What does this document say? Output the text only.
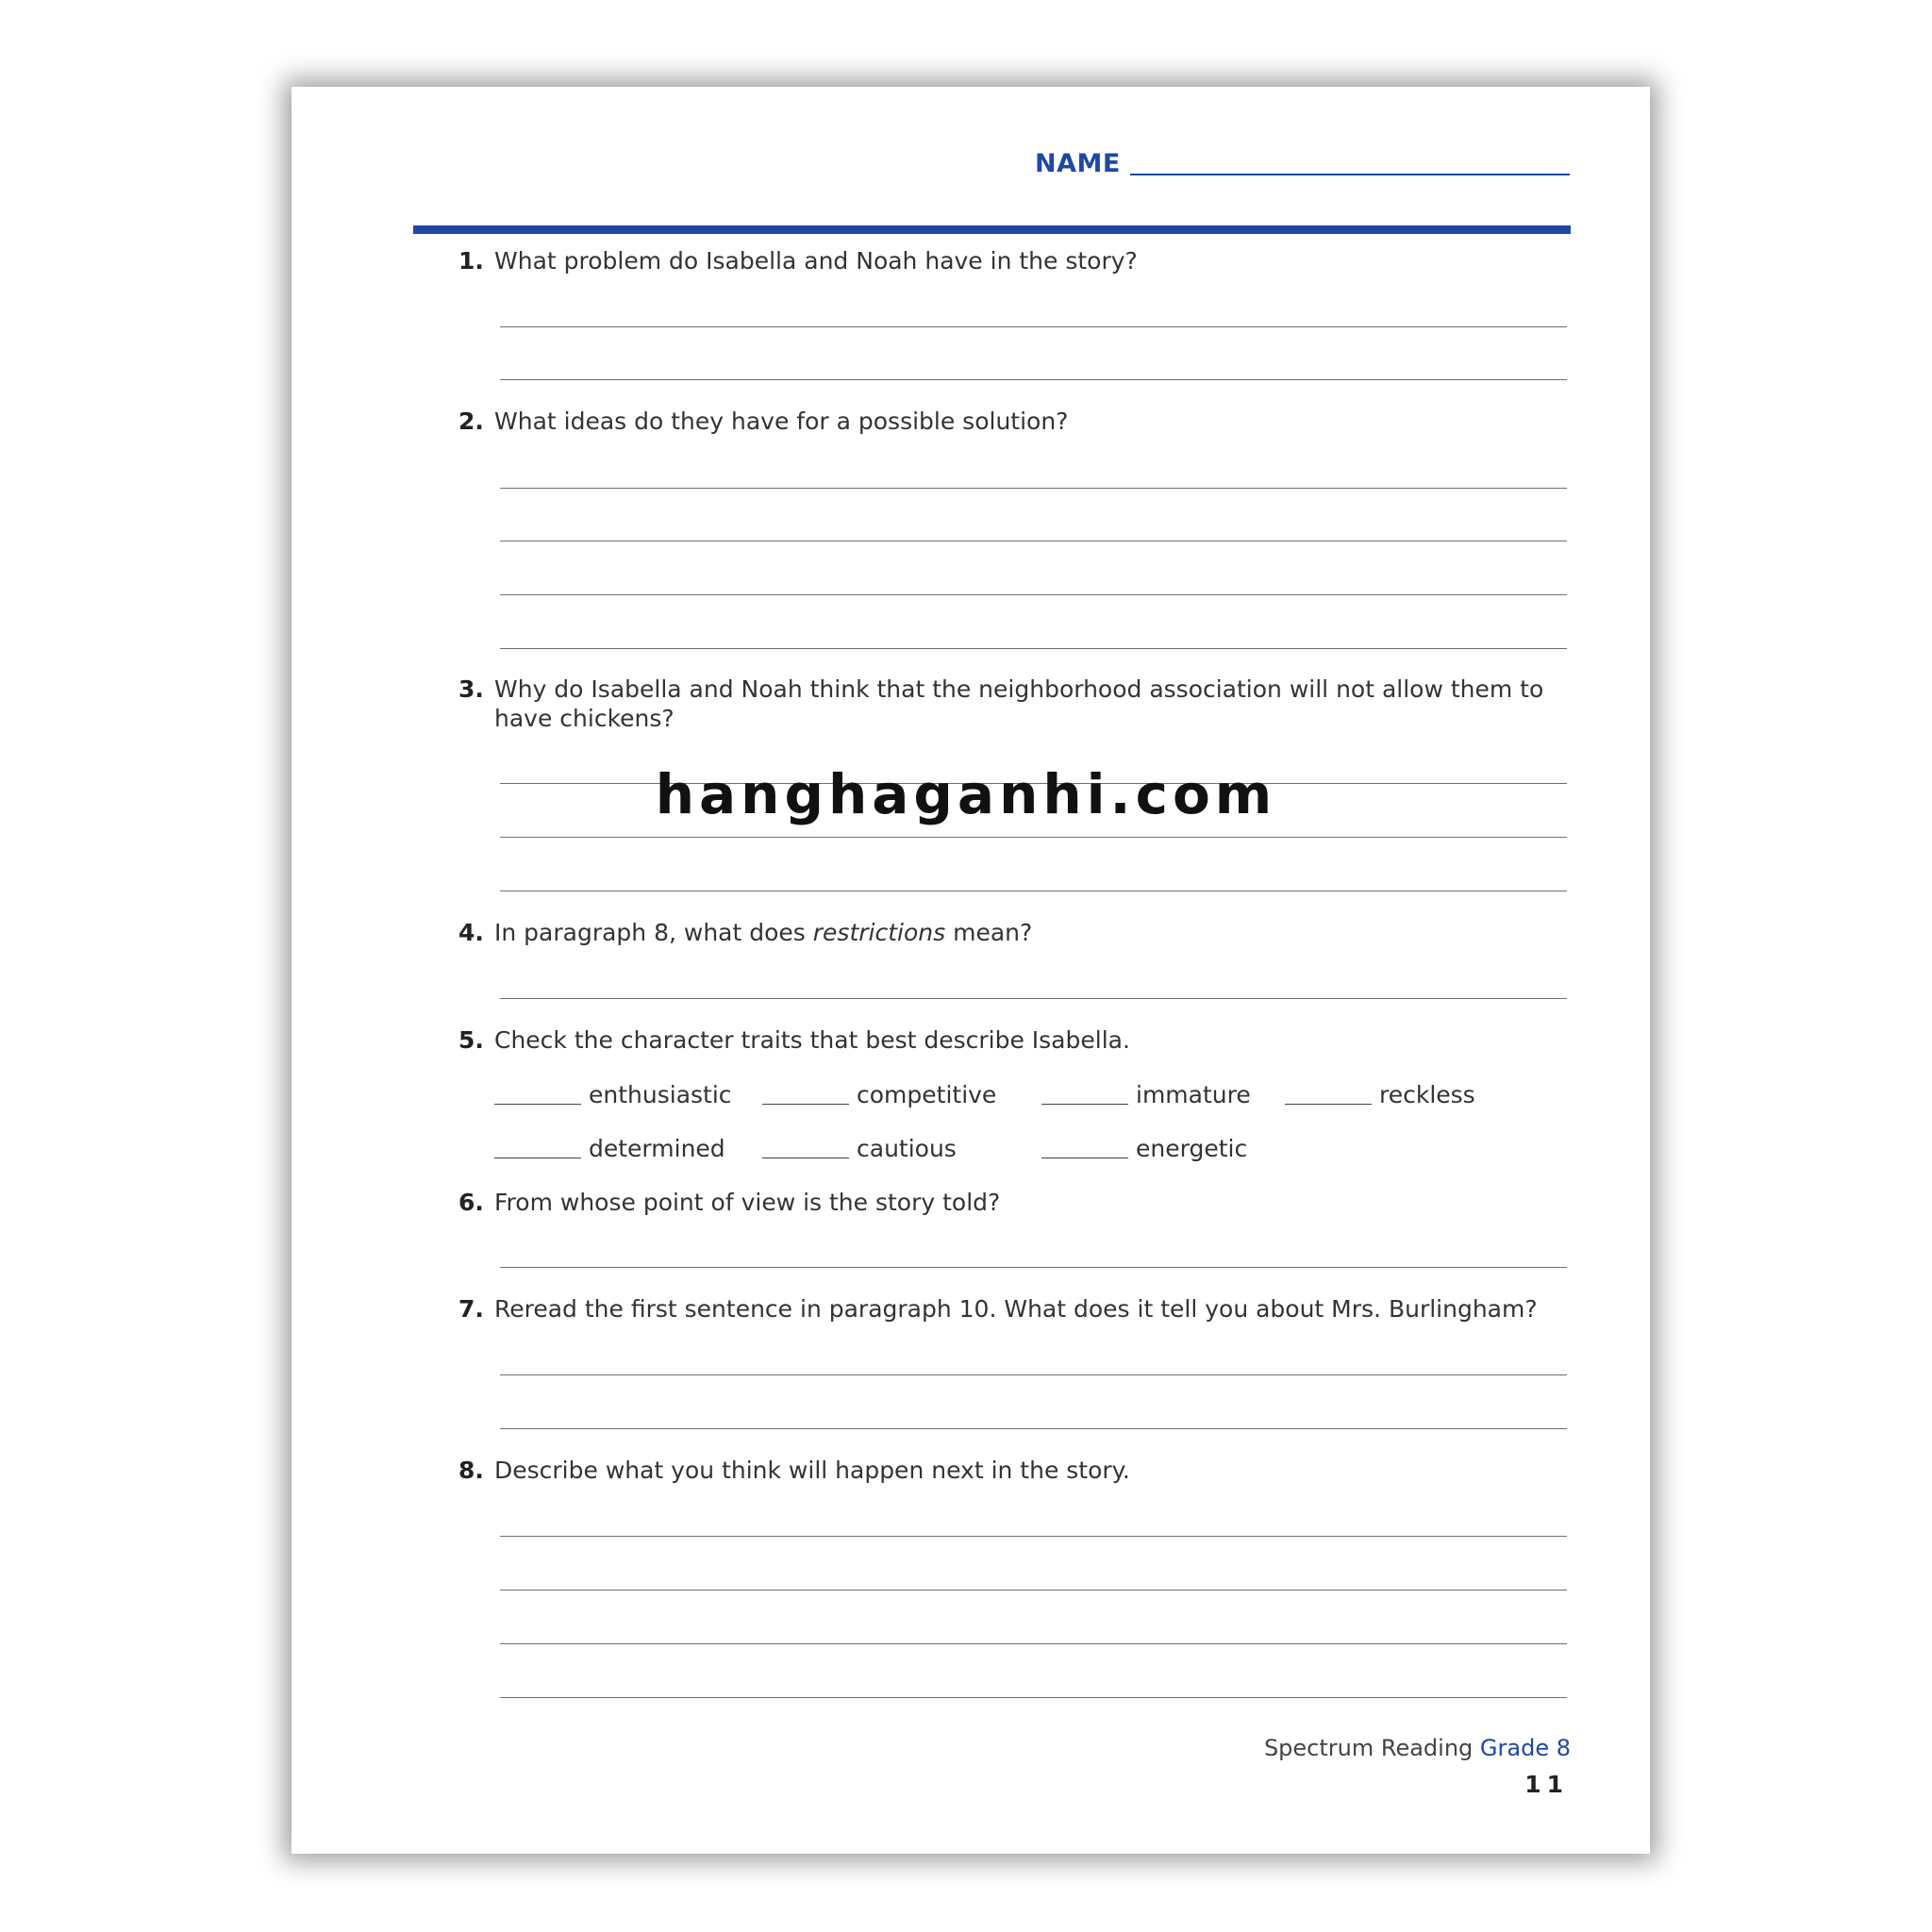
NAME
1. What problem do Isabella and Noah have in the story?
2. What ideas do they have for a possible solution?
3. Why do Isabella and Noah think that the neighborhood association will not allow them to have chickens?
4. In paragraph 8, what does restrictions mean?
5. Check the character traits that best describe Isabella.
enthusiastic	competitive	immature	reckless
determined	cautious	energetic
6. From whose point of view is the story told?
7. Reread the first sentence in paragraph 10. What does it tell you about Mrs. Burlingham?
8. Describe what you think will happen next in the story.
hanghaganhi.com
Spectrum Reading Grade 8
11
